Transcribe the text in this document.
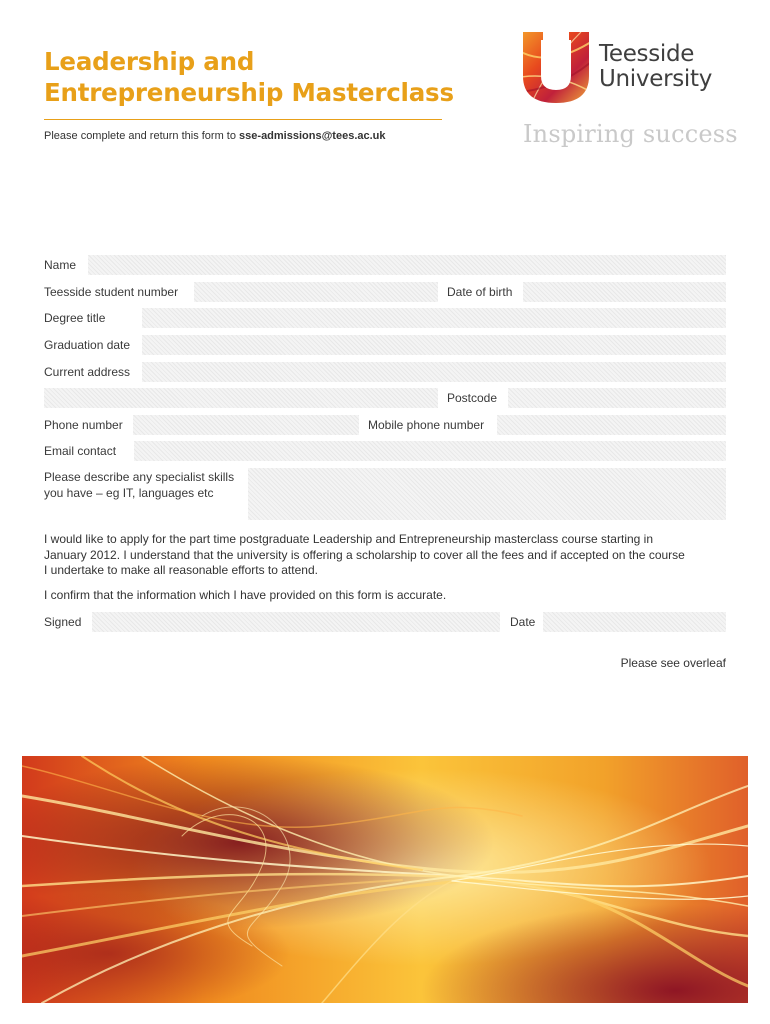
Leadership and
Entrepreneurship Masterclass
Please complete and return this form to sse-admissions@tees.ac.uk
Teesside
University
Inspiring success
Name
Teesside student number	Date of birth
Degree title
Graduation date
Current address
Postcode
Phone number	Mobile phone number
Email contact
Please describe any specialist skills
you have – eg IT, languages etc
I would like to apply for the part time postgraduate Leadership and Entrepreneurship masterclass course starting in
January 2012. I understand that the university is offering a scholarship to cover all the fees and if accepted on the course
I undertake to make all reasonable efforts to attend.
I confirm that the information which I have provided on this form is accurate.
Signed	Date
Please see overleaf
